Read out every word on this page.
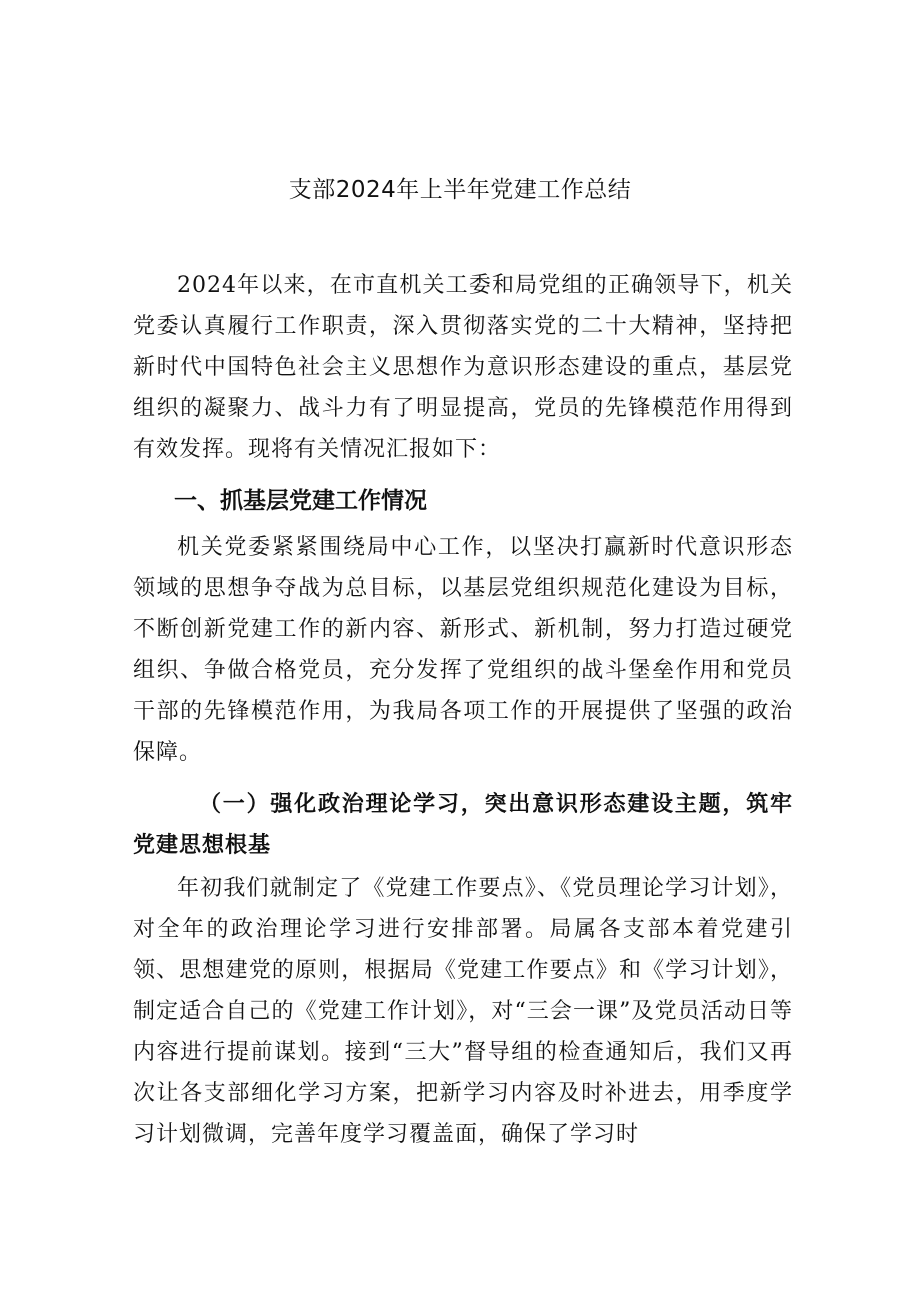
支部2024年上半年党建工作总结

2024年以来，在市直机关工委和局党组的正确领导下，机关党委认真履行工作职责，深入贯彻落实党的二十大精神，坚持把新时代中国特色社会主义思想作为意识形态建设的重点，基层党组织的凝聚力、战斗力有了明显提高，党员的先锋模范作用得到有效发挥。现将有关情况汇报如下：

一、抓基层党建工作情况

机关党委紧紧围绕局中心工作，以坚决打赢新时代意识形态领域的思想争夺战为总目标，以基层党组织规范化建设为目标，不断创新党建工作的新内容、新形式、新机制，努力打造过硬党组织、争做合格党员，充分发挥了党组织的战斗堡垒作用和党员干部的先锋模范作用，为我局各项工作的开展提供了坚强的政治保障。

（一）强化政治理论学习，突出意识形态建设主题，筑牢党建思想根基

年初我们就制定了《党建工作要点》、《党员理论学习计划》，对全年的政治理论学习进行安排部署。局属各支部本着党建引领、思想建党的原则，根据局《党建工作要点》和《学习计划》，制定适合自己的《党建工作计划》，对“三会一课”及党员活动日等内容进行提前谋划。接到“三大”督导组的检查通知后，我们又再次让各支部细化学习方案，把新学习内容及时补进去，用季度学习计划微调，完善年度学习覆盖面，确保了学习时
